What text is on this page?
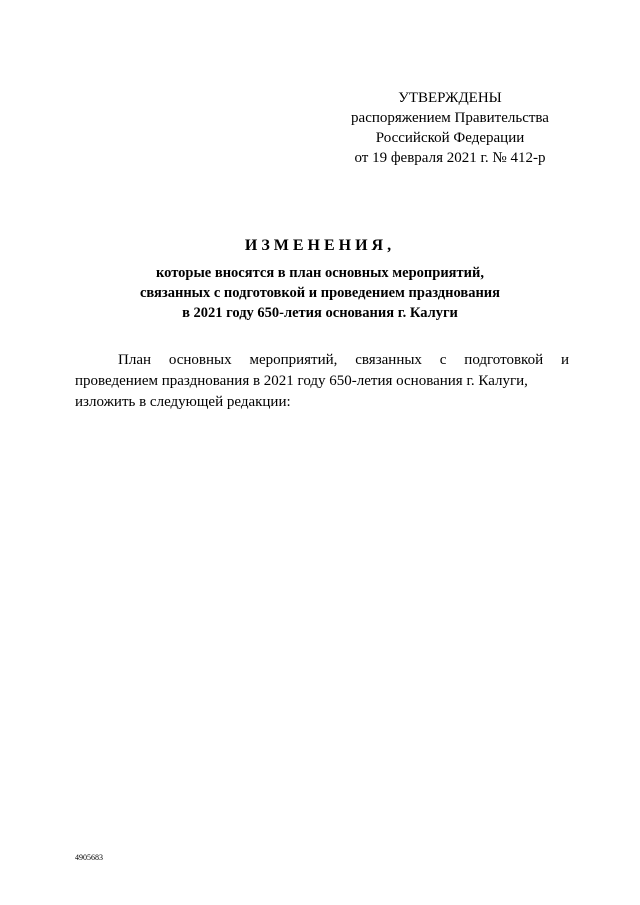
УТВЕРЖДЕНЫ
распоряжением Правительства
Российской Федерации
от 19 февраля 2021 г. № 412-р
ИЗМЕНЕНИЯ,
которые вносятся в план основных мероприятий,
связанных с подготовкой и проведением празднования
в 2021 году 650-летия основания г. Калуги
План основных мероприятий, связанных с подготовкой и
проведением празднования в 2021 году 650-летия основания г. Калуги,
изложить в следующей редакции:
4905683
